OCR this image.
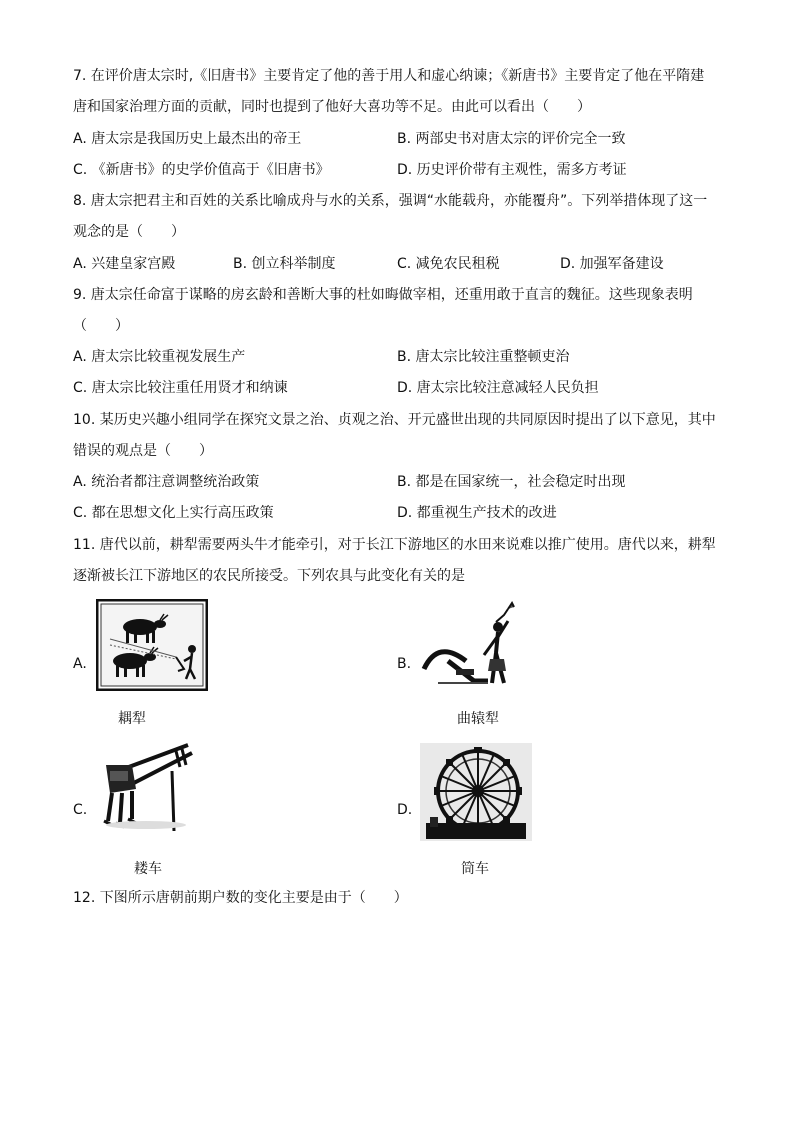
7. 在评价唐太宗时,《旧唐书》主要肯定了他的善于用人和虚心纳谏；《新唐书》主要肯定了他在平隋建
唐和国家治理方面的贡献，同时也提到了他好大喜功等不足。由此可以看出（　　）
A. 唐太宗是我国历史上最杰出的帝王	B. 两部史书对唐太宗的评价完全一致
C. 《新唐书》的史学价值高于《旧唐书》	D. 历史评价带有主观性，需多方考证
8. 唐太宗把君主和百姓的关系比喻成舟与水的关系，强调“水能载舟，亦能覆舟”。下列举措体现了这一
观念的是（　　）
A. 兴建皇家宫殿	B. 创立科举制度	C. 减免农民租税	D. 加强军备建设
9. 唐太宗任命富于谋略的房玄龄和善断大事的杜如晦做宰相，还重用敢于直言的魏征。这些现象表明
（　　）
A. 唐太宗比较重视发展生产	B. 唐太宗比较注重整顿吏治
C. 唐太宗比较注重任用贤才和纳谏	D. 唐太宗比较注意减轻人民负担
10. 某历史兴趣小组同学在探究文景之治、贞观之治、开元盛世出现的共同原因时提出了以下意见，其中
错误的观点是（　　）
A. 统治者都注意调整统治政策	B. 都是在国家统一，社会稳定时出现
C. 都在思想文化上实行高压政策	D. 都重视生产技术的改进
11. 唐代以前，耕犁需要两头牛才能牵引，对于长江下游地区的水田来说难以推广使用。唐代以来，耕犁
逐渐被长江下游地区的农民所接受。下列农具与此变化有关的是
A.
耦犁
B.
曲辕犁
C.
耧车
D.
筒车
12. 下图所示唐朝前期户数的变化主要是由于（　　）
